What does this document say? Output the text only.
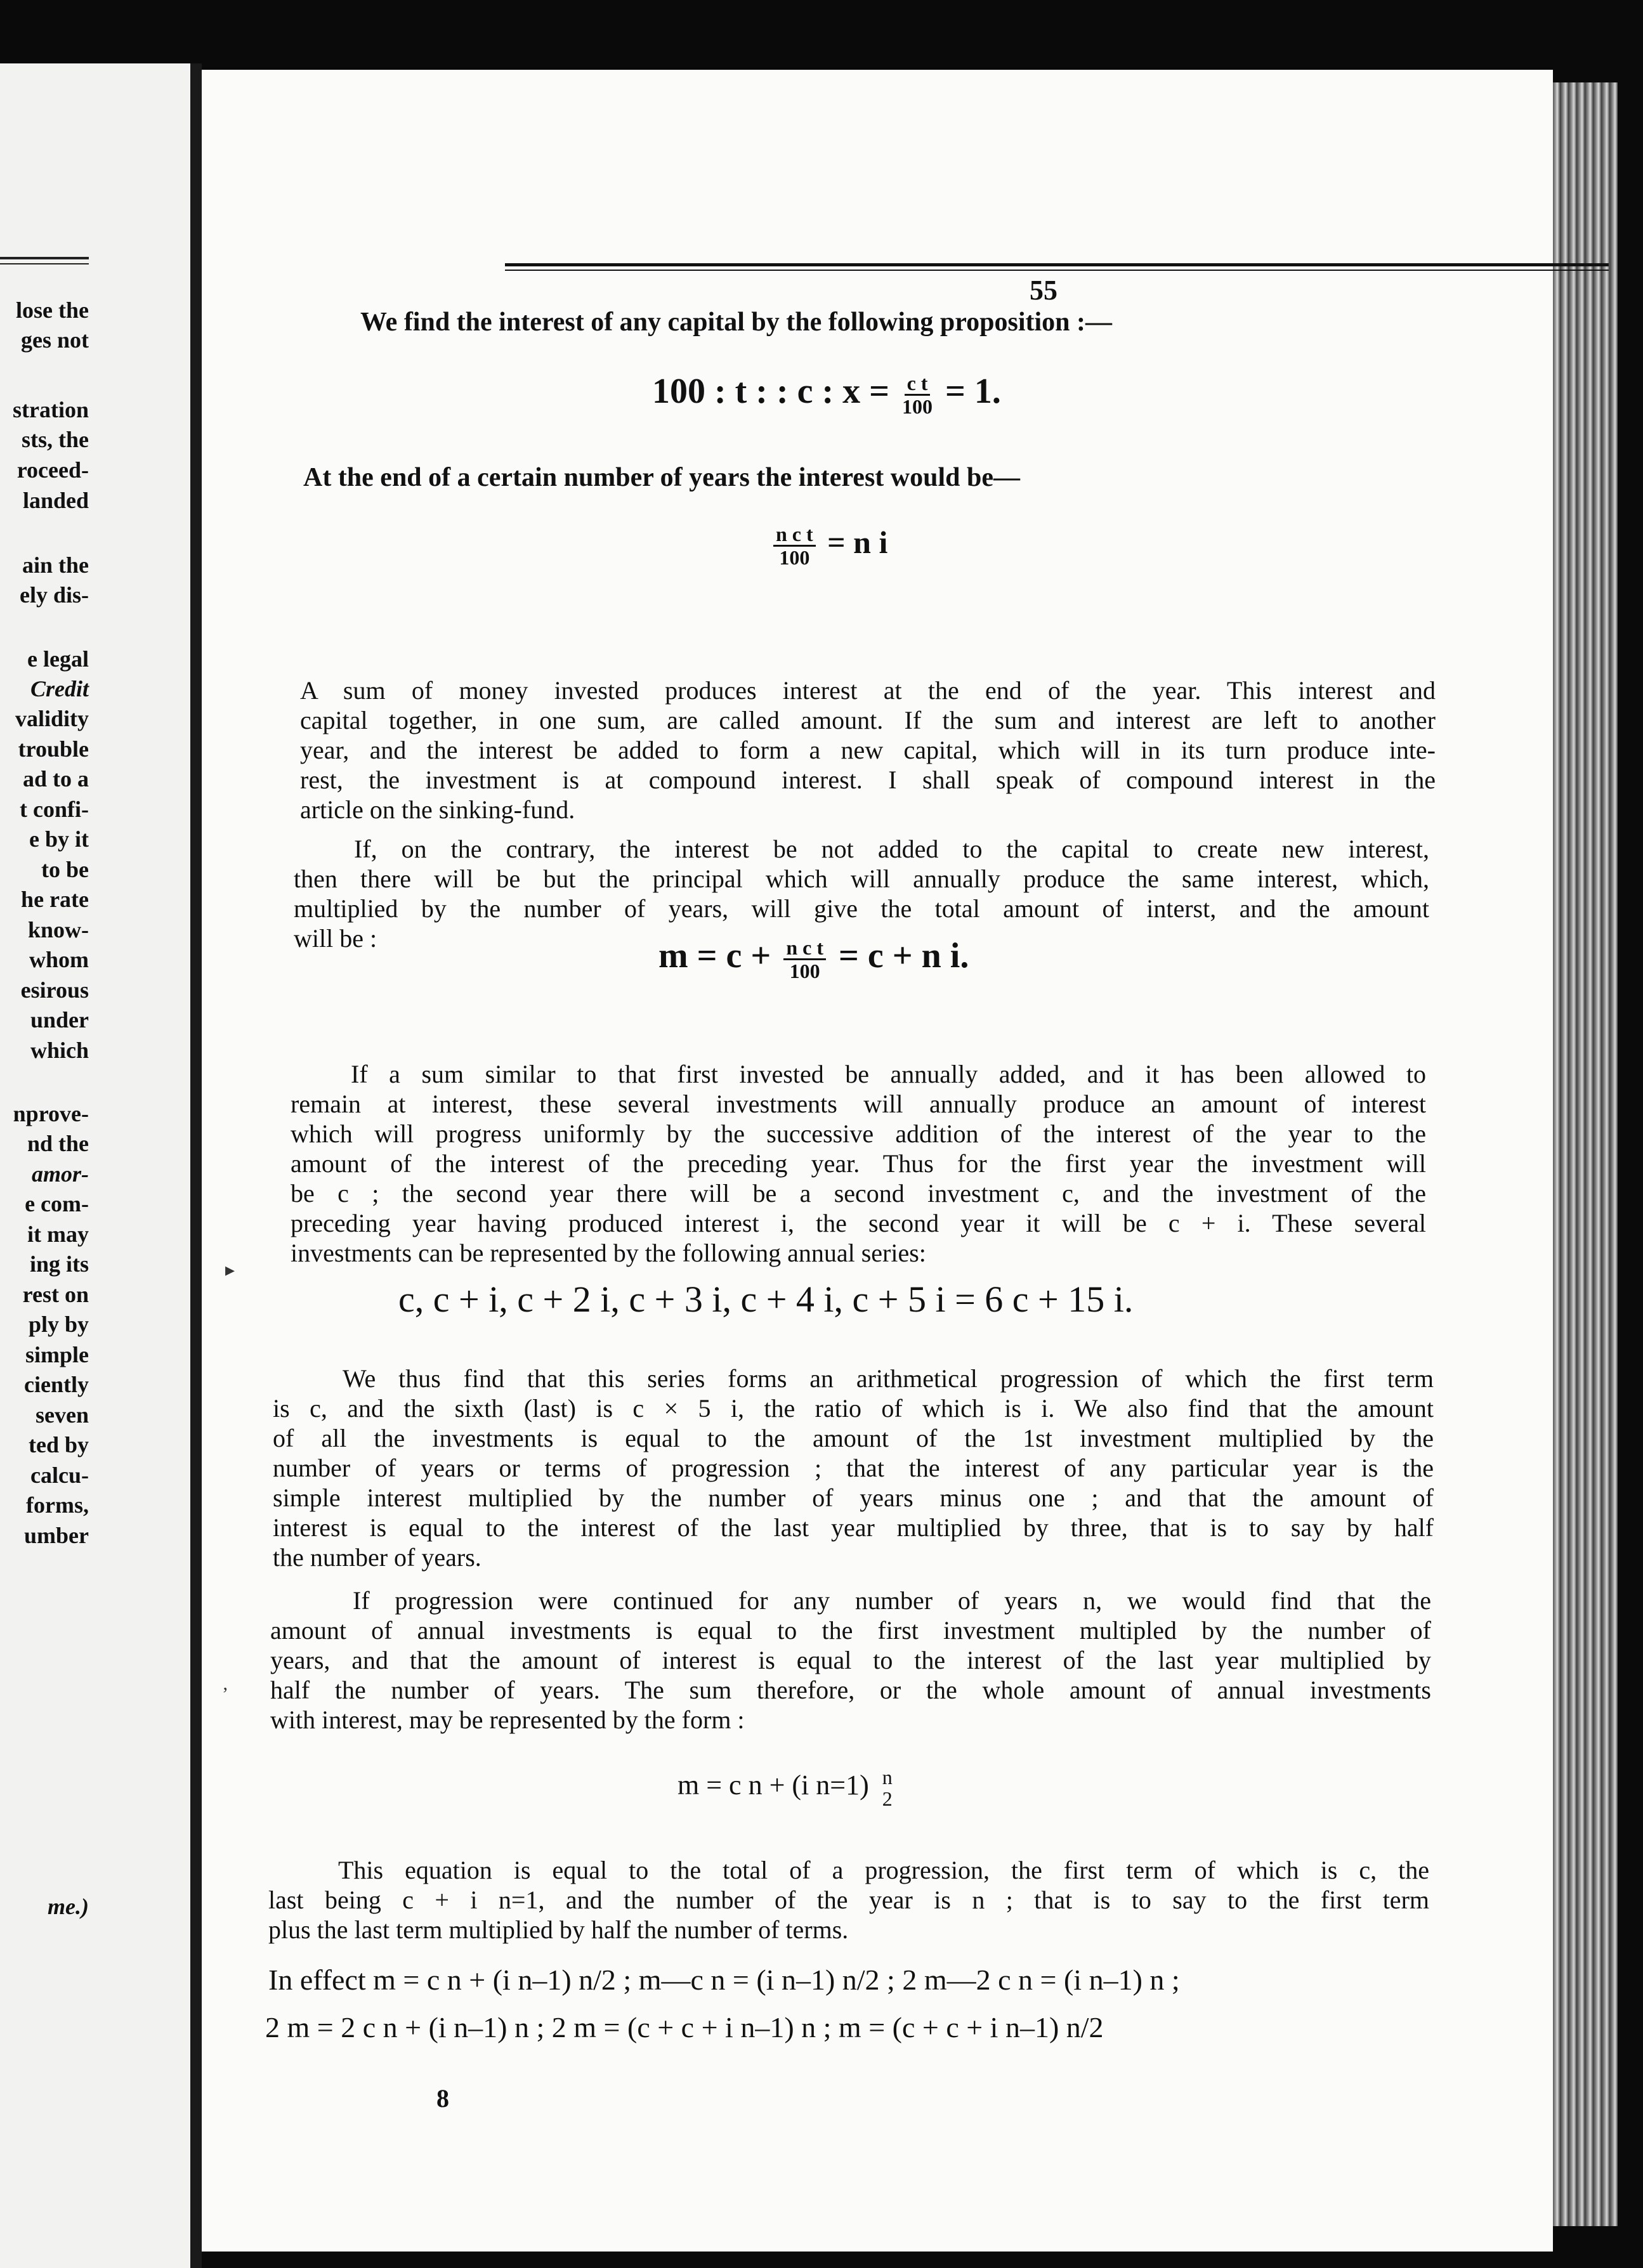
lose the
ges not
stration
sts, the
roceed-
landed
ain the
ely dis-
e legal
Credit
validity
trouble
ad to a
t confi-
e by it
to be
he rate
know-
whom
esirous
under
which
nprove-
nd the
amor-
e com-
it may
ing its
rest on
ply by
simple
ciently
seven
ted by
calcu-
forms,
umber
me.)
55
We find the interest of any capital by the following proposition :—
100 : t : : c : $x = \frac{\text{c t}}{100} = 1$.
At the end of a certain number of years the interest would be—
$\frac{\text{n c t}}{100} = n$ i
A sum of money invested produces interest at the end of the year. This interest and
capital together, in one sum, are called amount. If the sum and interest are left to another
year, and the interest be added to form a new capital, which will in its turn produce inte-
rest, the investment is at compound interest. I shall speak of compound interest in the
article on the sinking-fund.
If, on the contrary, the interest be not added to the capital to create new interest,
then there will be but the principal which will annually produce the same interest, which,
multiplied by the number of years, will give the total amount of interst, and the amount
will be :	$m = c + \frac{\text{n c t}}{100} = c + n$ i.
If a sum similar to that first invested be annually added, and it has been allowed to
remain at interest, these several investments will annually produce an amount of interest
which will progress uniformly by the successive addition of the interest of the year to the
amount of the interest of the preceding year. Thus for the first year the investment will
be c ; the second year there will be a second investment c, and the investment of the
preceding year having produced interest i, the second year it will be c + i. These several
investments can be represented by the following annual series:
c, c + i, c + 2 i, c + 3 i, c + 4 i, c + 5 i = 6 c + 15 i.
We thus find that this series forms an arithmetical progression of which the first term
is c, and the sixth (last) is c × 5 i, the ratio of which is i. We also find that the amount
of all the investments is equal to the amount of the 1st investment multiplied by the
number of years or terms of progression ; that the interest of any particular year is the
simple interest multiplied by the number of years minus one ; and that the amount of
interest is equal to the interest of the last year multiplied by three, that is to say by half
the number of years.
If progression were continued for any number of years n, we would find that the
amount of annual investments is equal to the first investment multipled by the number of
years, and that the amount of interest is equal to the interest of the last year multiplied by
half the number of years. The sum therefore, or the whole amount of annual investments
with interest, may be represented by the form :
m = c n + (i n=1) n
2
This equation is equal to the total of a progression, the first term of which is c, the
last being c + i n=1, and the number of the year is n ; that is to say to the first term
plus the last term multiplied by half the number of terms.
In effect m = c n + (i n–1) n/2 ; m—c n = (i n–1) n/2 ; 2 m—2 c n = (i n–1) n ;
2 m = 2 c n + (i n–1) n ; 2 m = (c + c + i n–1) n ; m = (c + c + i n–1) n/2
8
▸
ʼ
